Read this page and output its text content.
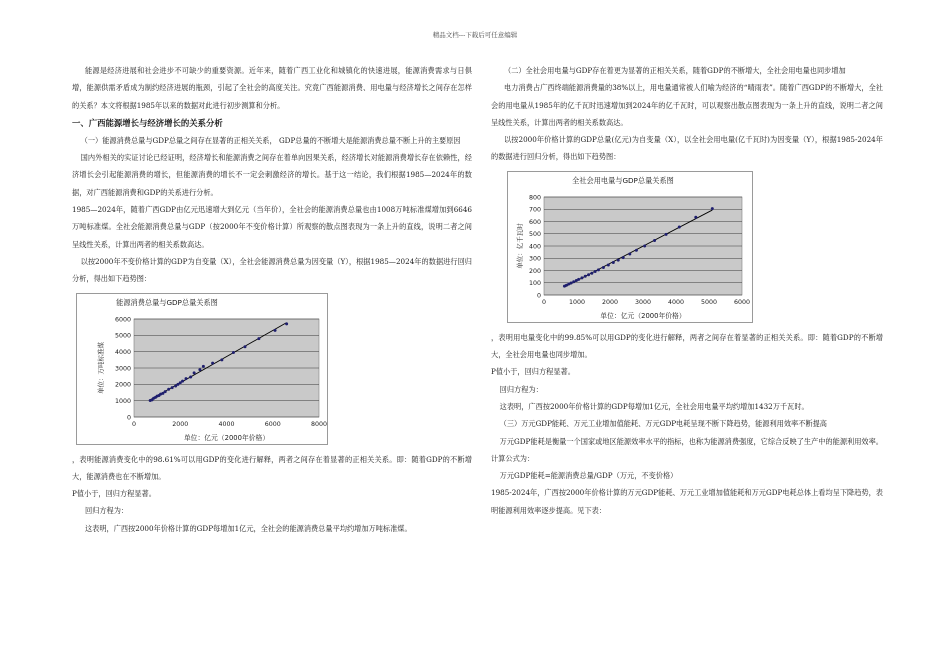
精品文档---下载后可任意编辑

能源是经济进展和社会进步不可缺少的重要资源。近年来，随着广西工业化和城镇化的快速进展，能源消费需求与日俱增，能源供需矛盾成为制约经济进展的瓶颈，引起了全社会的高度关注。究竟广西能源消费、用电量与经济增长之间存在怎样的关系？本文将根据1985年以来的数据对此进行初步测算和分析。

一、广西能源增长与经济增长的关系分析

（一）能源消费总量与GDP总量之间存在显著的正相关关系， GDP总量的不断增大是能源消费总量不断上升的主要原因

国内外相关的实证讨论已经证明，经济增长和能源消费之间存在着单向因果关系，经济增长对能源消费增长存在依赖性，经济增长会引起能源消费的增长，但能源消费的增长不一定会刺激经济的增长。基于这一结论，我们根据1985—2024年的数据，对广西能源消费和GDP的关系进行分析。

1985—2024年，随着广西GDP由亿元迅速增大到亿元（当年价），全社会的能源消费总量也由1008万吨标准煤增加到6646万吨标准煤。全社会能源消费总量与GDP（按2000年不变价格计算）所观察的散点图表现为一条上升的直线，说明二者之间呈线性关系，计算出两者的相关系数高达。

以按2000年不变价格计算的GDP为自变量（X），全社会能源消费总量为因变量（Y），根据1985—2024年的数据进行回归分析，得出如下趋势图：

0
1000
2000
3000
4000
5000
6000
0	2000	4000	6000	8000
能源消费总量与GDP总量关系图
单位：亿元（2000年价格）
单位：万吨标准煤

，表明能源消费变化中的98.61%可以用GDP的变化进行解释，两者之间存在着显著的正相关关系。即：随着GDP的不断增大，能源消费也在不断增加。

P值小于，回归方程显著。

回归方程为：

这表明，广西按2000年价格计算的GDP每增加1亿元，全社会的能源消费总量平均约增加万吨标准煤。

（二）全社会用电量与GDP存在着更为显著的正相关关系，随着GDP的不断增大，全社会用电量也同步增加

电力消费占广西终端能源消费量的38%以上，用电量通常被人们喻为经济的“晴雨表”。随着广西GDP的不断增大，全社会的用电量从1985年的亿千瓦时迅速增加到2024年的亿千瓦时，可以观察出散点图表现为一条上升的直线，说明二者之间呈线性关系，计算出两者的相关系数高达。

以按2000年价格计算的GDP总量(亿元)为自变量（X），以全社会用电量(亿千瓦时)为因变量（Y），根据1985-2024年的数据进行回归分析，得出如下趋势图：

0
100
200
300
400
500
600
700
800
0	1000	2000	3000	4000	5000	6000
全社会用电量与GDP总量关系图
单位：亿元（2000年价格）
单位：亿千瓦时

，表明用电量变化中的99.85%可以用GDP的变化进行解释，两者之间存在着显著的正相关关系。即：随着GDP的不断增大，全社会用电量也同步增加。

P值小于，回归方程显著。

回归方程为：

这表明，广西按2000年价格计算的GDP每增加1亿元，全社会用电量平均约增加1432万千瓦时。

（三）万元GDP能耗、万元工业增加值能耗、万元GDP电耗呈现不断下降趋势，能源利用效率不断提高

万元GDP能耗是衡量一个国家或地区能源效率水平的指标，也称为能源消费强度，它综合反映了生产中的能源利用效率。计算公式为：

万元GDP能耗=能源消费总量/GDP（万元，不变价格）

1985-2024年，广西按2000年价格计算的万元GDP能耗、万元工业增加值能耗和万元GDP电耗总体上看均呈下降趋势，表明能源利用效率逐步提高。见下表：
